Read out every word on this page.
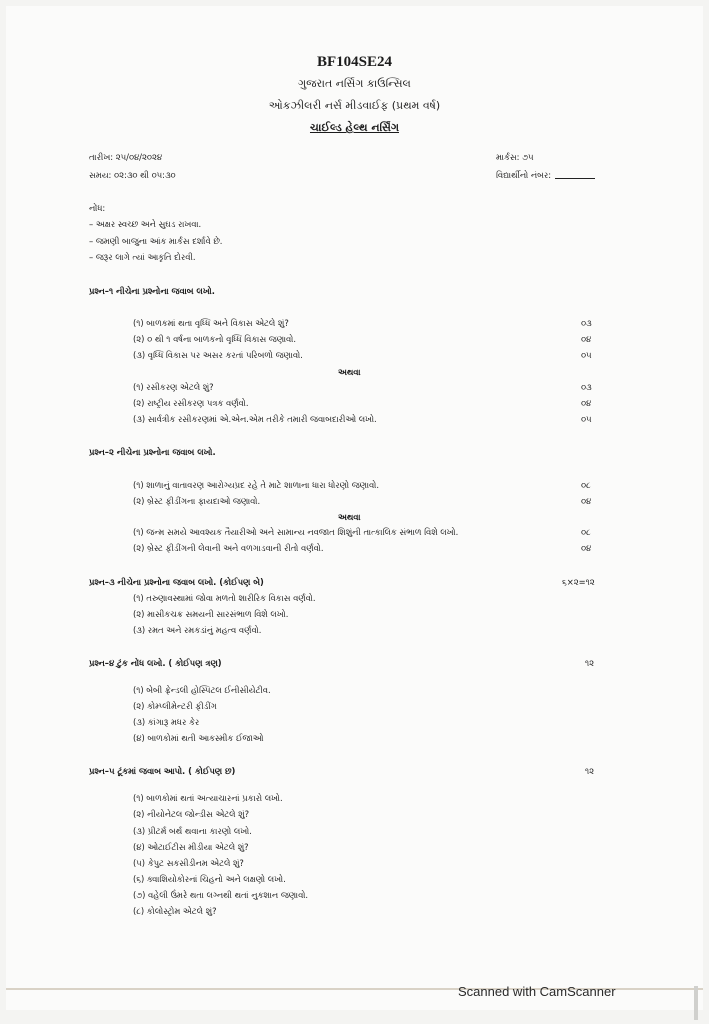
BF104SE24
ગુજરાત નર્સિંગ કાઉન્સિલ
ઓકઝીલરી નર્સ મીડવાઈફ (પ્રથમ વર્ષ)
ચાઈલ્ડ હેલ્થ નર્સિંગ
તારીખ: ૨૫/૦૪/૨૦૨૪
સમય: ૦૨:૩૦ થી ૦૫:૩૦
માર્કસ: ૭૫
વિદ્યાર્થીનો નંબર:
નોંધ:
– અક્ષર સ્વચ્છ અને સુઘડ રાખવા.
– જમણી બાજુના આંક માર્કસ દર્શાવે છે.
– જરૂર લાગે ત્યાં આકૃતિ દોરવી.
પ્રશ્ન–૧ નીચેના પ્રશ્નોના જવાબ લખો.
(૧) બાળકમાં થતા વૃધ્ધિ અને વિકાસ એટલે શું?	૦૩
(૨) ૦ થી ૧ વર્ષના બાળકનો વૃધ્ધિ વિકાસ જણાવો.	૦૪
(૩) વૃધ્ધિ વિકાસ પર અસર કરતાં પરિબળો જણાવો.	૦૫
અથવા
(૧) રસીકરણ એટલે શું?	૦૩
(૨) રાષ્ટ્રીય રસીકરણ પત્રક વર્ણવો.	૦૪
(૩) સાર્વત્રીક રસીકરણમાં એ.એન.એમ તરીકે તમારી જવાબદારીઓ લખો.	૦૫
પ્રશ્ન–૨ નીચેના પ્રશ્નોના જવાબ લખો.
(૧) શાળાનું વાતાવરણ આરોગ્યપ્રદ રહે તે માટે શાળાના ધારા ધોરણો જણાવો.	૦૮
(૨) બ્રેસ્ટ ફીડીંગના ફાયદાઓ જણાવો.	૦૪
અથવા
(૧) જન્મ સમયે આવશ્યક તૈયારીઓ અને સામાન્ય નવજાત શિશુંની તાત્કાલિક સંભાળ વિશે લખો.	૦૮
(૨) બ્રેસ્ટ ફીડીંગની લેવાની અને વળગાડવાની રીતો વર્ણવો.	૦૪
પ્રશ્ન–૩ નીચેના પ્રશ્નોના જવાબ લખો. (કોઈપણ બે)	૬×૨=૧૨
(૧) તરુણાવસ્થામાં જોવા મળતો શારીરિક વિકાસ વર્ણવો.
(૨) માસીકચક્ર સમયની સારસંભાળ વિશે લખો.
(૩) રમત અને રમકડાંનું મહત્વ વર્ણવો.
પ્રશ્ન–૪ ટુંક નોંધ લખો. ( કોઈપણ ત્રણ)	૧૨
(૧) બેબી ફ્રેન્ડલી હોસ્પિટલ ઈનીસીયેટીવ.
(૨) કોમ્પ્લીમેન્ટરી ફીડીંગ
(૩) કાંગારૂ મધર કેર
(૪) બાળકોમાં થતી આકસ્મીક ઈજાઓ
પ્રશ્ન–૫ ટૂંકમાં જવાબ આપો. ( કોઈપણ છ)	૧૨
(૧) બાળકોમાં થતાં અત્યાચારનાં પ્રકારો લખો.
(૨) નીયોનેટલ જોન્ડીસ એટલે શું?
(૩) પ્રીટર્મ બર્થ થવાના કારણો લખો.
(૪) ઓટાઈટીસ મીડીયા એટલે શું?
(૫) કેપુટ સકસીડીનમ એટલે શું?
(૬) ક્વાશિયોકોરનાં ચિહનો અને લક્ષણો લખો.
(૭) વહેલી ઉંમરે થતા લગ્નથી થતાં નુકશાન જણાવો.
(૮) કોલોસ્ટ્રોમ એટલે શું?
Scanned with CamScanner
